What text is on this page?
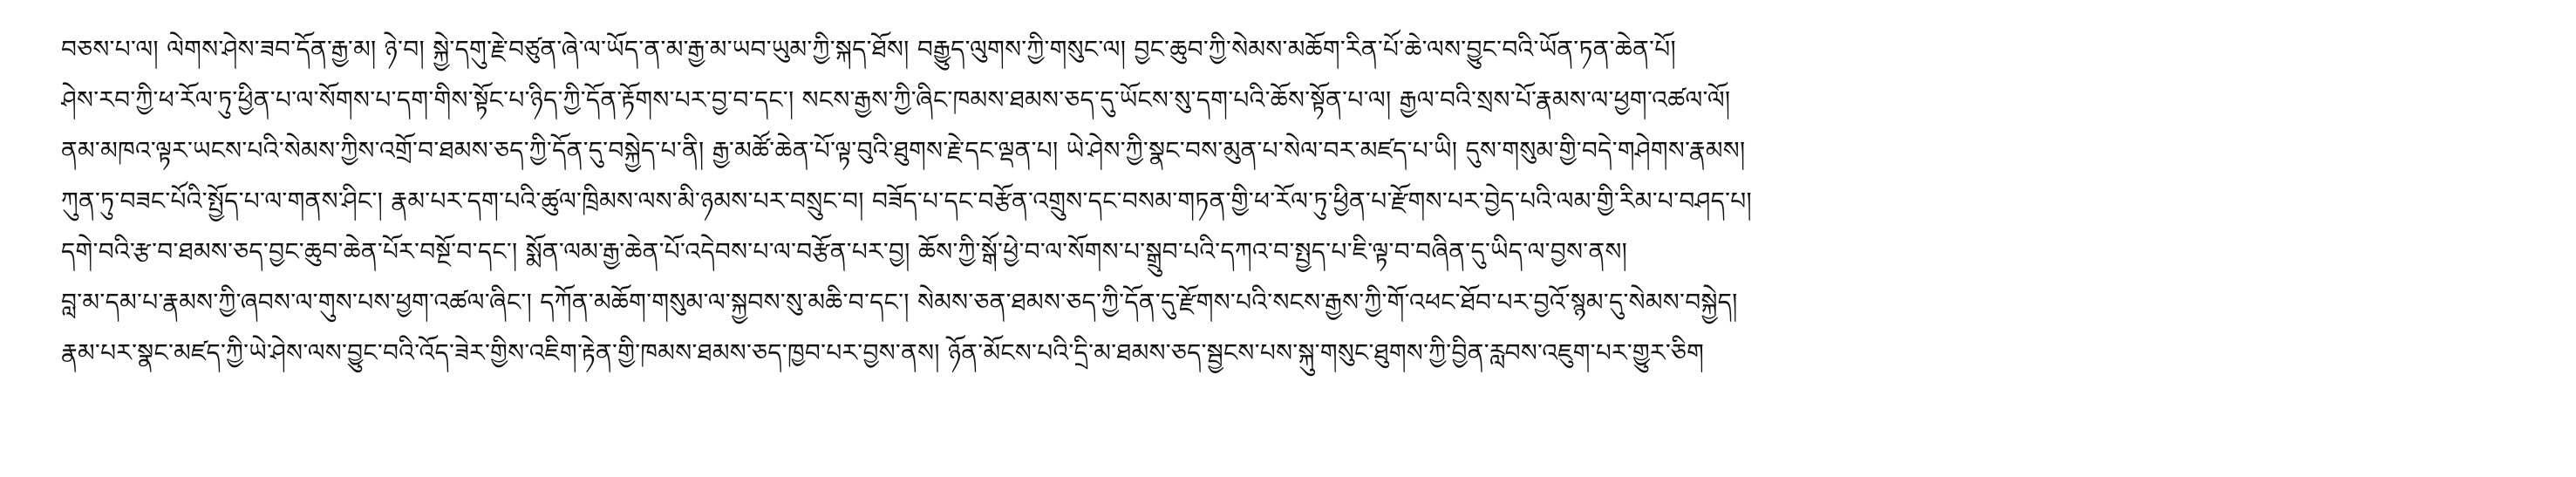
བཅས་པ་ལ། ལེགས་ཤེས་ཟབ་དོན་རྒྱ་མ། ཉེ་བ། སྐྱེ་དགུ་རྗེ་བཙུན་ཞེ་ལ་ཡོད་ན་མ་རྒྱ་མ་ཡབ་ཡུམ་ཀྱི་སྐད་ཐོས། བརྒྱུད་ལུགས་ཀྱི་གསུང་ལ། བྱང་ཆུབ་ཀྱི་སེམས་མཆོག་རིན་པོ་ཆེ་ལས་བྱུང་བའི་ཡོན་ཏན་ཆེན་པོ།
ཤེས་རབ་ཀྱི་ཕ་རོལ་ཏུ་ཕྱིན་པ་ལ་སོགས་པ་དག་གིས་སྟོང་པ་ཉིད་ཀྱི་དོན་རྟོགས་པར་བྱ་བ་དང་། སངས་རྒྱས་ཀྱི་ཞིང་ཁམས་ཐམས་ཅད་དུ་ཡོངས་སུ་དག་པའི་ཆོས་སྟོན་པ་ལ། རྒྱལ་བའི་སྲས་པོ་རྣམས་ལ་ཕྱག་འཚལ་ལོ།
ནམ་མཁའ་ལྟར་ཡངས་པའི་སེམས་ཀྱིས་འགྲོ་བ་ཐམས་ཅད་ཀྱི་དོན་དུ་བསྐྱེད་པ་ནི། རྒྱ་མཚོ་ཆེན་པོ་ལྟ་བུའི་ཐུགས་རྗེ་དང་ལྡན་པ། ཡེ་ཤེས་ཀྱི་སྣང་བས་མུན་པ་སེལ་བར་མཛད་པ་ཡི། དུས་གསུམ་གྱི་བདེ་གཤེགས་རྣམས།
ཀུན་ཏུ་བཟང་པོའི་སྤྱོད་པ་ལ་གནས་ཤིང་། རྣམ་པར་དག་པའི་ཚུལ་ཁྲིམས་ལས་མི་ཉམས་པར་བསྲུང་བ། བཟོད་པ་དང་བརྩོན་འགྲུས་དང་བསམ་གཏན་གྱི་ཕ་རོལ་ཏུ་ཕྱིན་པ་རྫོགས་པར་བྱེད་པའི་ལམ་གྱི་རིམ་པ་བཤད་པ།
དགེ་བའི་རྩ་བ་ཐམས་ཅད་བྱང་ཆུབ་ཆེན་པོར་བསྔོ་བ་དང་། སྨོན་ལམ་རྒྱ་ཆེན་པོ་འདེབས་པ་ལ་བརྩོན་པར་བྱ། ཆོས་ཀྱི་སྒོ་ཕྱེ་བ་ལ་སོགས་པ་སྒྲུབ་པའི་དཀའ་བ་སྤྱད་པ་ཇི་ལྟ་བ་བཞིན་དུ་ཡིད་ལ་བྱས་ནས།
བླ་མ་དམ་པ་རྣམས་ཀྱི་ཞབས་ལ་གུས་པས་ཕྱག་འཚལ་ཞིང་། དཀོན་མཆོག་གསུམ་ལ་སྐྱབས་སུ་མཆི་བ་དང་། སེམས་ཅན་ཐམས་ཅད་ཀྱི་དོན་དུ་རྫོགས་པའི་སངས་རྒྱས་ཀྱི་གོ་འཕང་ཐོབ་པར་བྱའོ་སྙམ་དུ་སེམས་བསྐྱེད།
རྣམ་པར་སྣང་མཛད་ཀྱི་ཡེ་ཤེས་ལས་བྱུང་བའི་འོད་ཟེར་གྱིས་འཇིག་རྟེན་གྱི་ཁམས་ཐམས་ཅད་ཁྱབ་པར་བྱས་ནས། ཉོན་མོངས་པའི་དྲི་མ་ཐམས་ཅད་སྦྱངས་པས་སྐུ་གསུང་ཐུགས་ཀྱི་བྱིན་རླབས་འཇུག་པར་གྱུར་ཅིག
